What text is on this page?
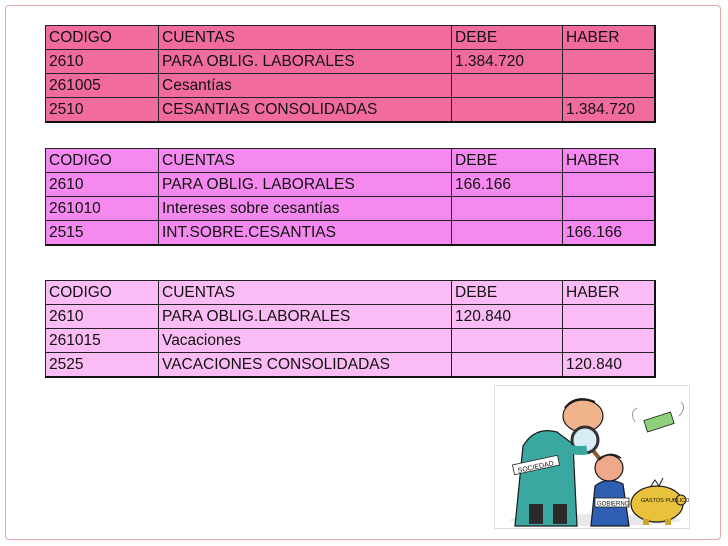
CODIGO	CUENTAS	DEBE	HABER
2610	PARA OBLIG. LABORALES	1.384.720	
261005	Cesantías		
2510	CESANTIAS CONSOLIDADAS		1.384.720
CODIGO	CUENTAS	DEBE	HABER
2610	PARA OBLIG. LABORALES	166.166	
261010	Intereses sobre cesantías		
2515	INT.SOBRE.CESANTIAS		166.166
CODIGO	CUENTAS	DEBE	HABER
2610	PARA OBLIG.LABORALES	120.840	
261015	Vacaciones		
2525	VACACIONES CONSOLIDADAS		120.840
SOCIEDAD
GOBIERNO
GASTOS PUBLICOS
